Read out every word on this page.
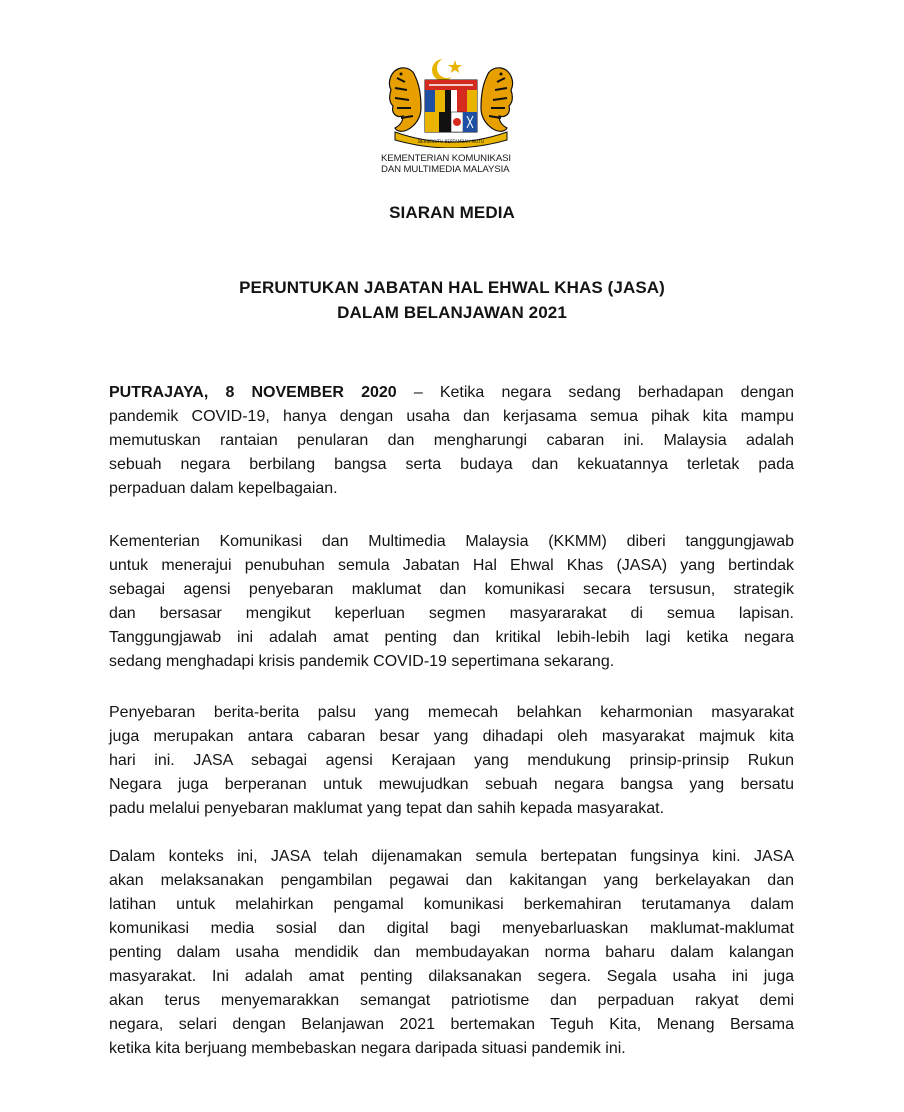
BERSEKUTU BERTAMBAH MUTU
KEMENTERIAN KOMUNIKASI
DAN MULTIMEDIA MALAYSIA
SIARAN MEDIA
PERUNTUKAN JABATAN HAL EHWAL KHAS (JASA)
DALAM BELANJAWAN 2021
PUTRAJAYA, 8 NOVEMBER 2020 – Ketika negara sedang berhadapan dengan
pandemik COVID-19, hanya dengan usaha dan kerjasama semua pihak kita mampu
memutuskan rantaian penularan dan mengharungi cabaran ini. Malaysia adalah
sebuah negara berbilang bangsa serta budaya dan kekuatannya terletak pada
perpaduan dalam kepelbagaian.
Kementerian Komunikasi dan Multimedia Malaysia (KKMM) diberi tanggungjawab
untuk menerajui penubuhan semula Jabatan Hal Ehwal Khas (JASA) yang bertindak
sebagai agensi penyebaran maklumat dan komunikasi secara tersusun, strategik
dan bersasar mengikut keperluan segmen masyararakat di semua lapisan.
Tanggungjawab ini adalah amat penting dan kritikal lebih-lebih lagi ketika negara
sedang menghadapi krisis pandemik COVID-19 sepertimana sekarang.
Penyebaran berita-berita palsu yang memecah belahkan keharmonian masyarakat
juga merupakan antara cabaran besar yang dihadapi oleh masyarakat majmuk kita
hari ini. JASA sebagai agensi Kerajaan yang mendukung prinsip-prinsip Rukun
Negara juga berperanan untuk mewujudkan sebuah negara bangsa yang bersatu
padu melalui penyebaran maklumat yang tepat dan sahih kepada masyarakat.
Dalam konteks ini, JASA telah dijenamakan semula bertepatan fungsinya kini. JASA
akan melaksanakan pengambilan pegawai dan kakitangan yang berkelayakan dan
latihan untuk melahirkan pengamal komunikasi berkemahiran terutamanya dalam
komunikasi media sosial dan digital bagi menyebarluaskan maklumat-maklumat
penting dalam usaha mendidik dan membudayakan norma baharu dalam kalangan
masyarakat. Ini adalah amat penting dilaksanakan segera. Segala usaha ini juga
akan terus menyemarakkan semangat patriotisme dan perpaduan rakyat demi
negara, selari dengan Belanjawan 2021 bertemakan Teguh Kita, Menang Bersama
ketika kita berjuang membebaskan negara daripada situasi pandemik ini.
